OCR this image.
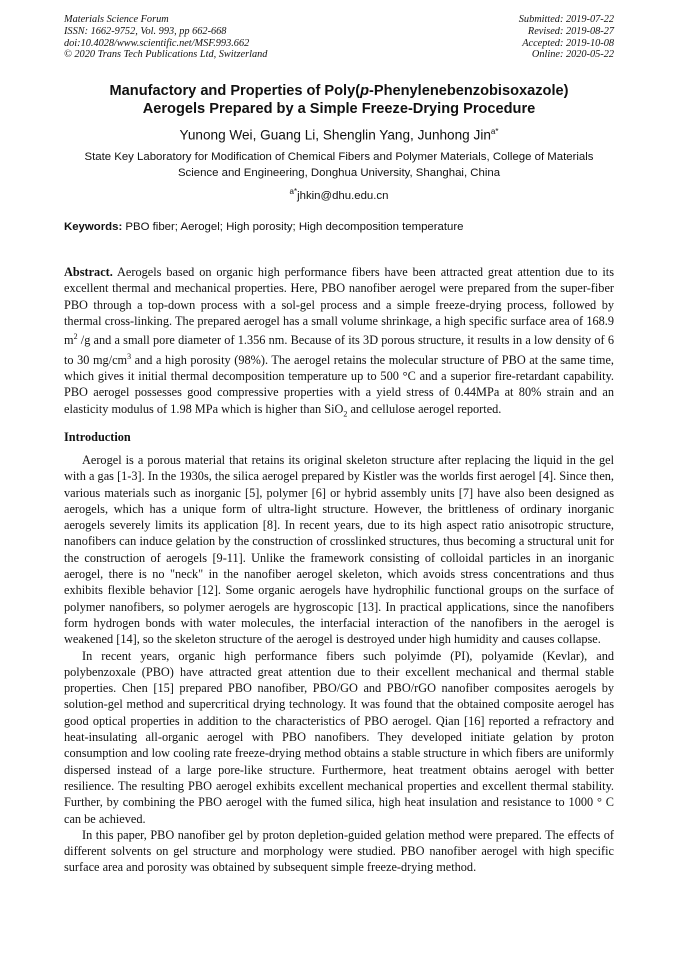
Materials Science Forum
ISSN: 1662-9752, Vol. 993, pp 662-668
doi:10.4028/www.scientific.net/MSF.993.662
© 2020 Trans Tech Publications Ltd, Switzerland
Submitted: 2019-07-22
Revised: 2019-08-27
Accepted: 2019-10-08
Online: 2020-05-22
Manufactory and Properties of Poly(p-Phenylenebenzobisoxazole)
Aerogels Prepared by a Simple Freeze-Drying Procedure
Yunong Wei, Guang Li, Shenglin Yang, Junhong Jin$^{a*}$
State Key Laboratory for Modification of Chemical Fibers and Polymer Materials, College of Materials Science and Engineering, Donghua University, Shanghai, China
$^{a*}$jhkin@dhu.edu.cn
Keywords: PBO fiber; Aerogel; High porosity; High decomposition temperature

Abstract. Aerogels based on organic high performance fibers have been attracted great attention due to its excellent thermal and mechanical properties. Here, PBO nanofiber aerogel were prepared from the super-fiber PBO through a top-down process with a sol-gel process and a simple freeze-drying process, followed by thermal cross-linking. The prepared aerogel has a small volume shrinkage, a high specific surface area of 168.9 $m^2$ /g and a small pore diameter of 1.356 nm. Because of its 3D porous structure, it results in a low density of 6 to 30 $mg/cm^3$ and a high porosity (98%). The aerogel retains the molecular structure of PBO at the same time, which gives it initial thermal decomposition temperature up to 500 °C and a superior fire-retardant capability. PBO aerogel possesses good compressive properties with a yield stress of 0.44MPa at 80% strain and an elasticity modulus of 1.98 MPa which is higher than SiO$_2$ and cellulose aerogel reported.

Introduction

Aerogel is a porous material that retains its original skeleton structure after replacing the liquid in the gel with a gas [1-3]. In the 1930s, the silica aerogel prepared by Kistler was the worlds first aerogel [4]. Since then, various materials such as inorganic [5], polymer [6] or hybrid assembly units [7] have also been designed as aerogels, which has a unique form of ultra-light structure. However, the brittleness of ordinary inorganic aerogels severely limits its application [8]. In recent years, due to its high aspect ratio anisotropic structure, nanofibers can induce gelation by the construction of crosslinked structures, thus becoming a structural unit for the construction of aerogels [9-11]. Unlike the framework consisting of colloidal particles in an inorganic aerogel, there is no "neck" in the nanofiber aerogel skeleton, which avoids stress concentrations and thus exhibits flexible behavior [12]. Some organic aerogels have hydrophilic functional groups on the surface of polymer nanofibers, so polymer aerogels are hygroscopic [13]. In practical applications, since the nanofibers form hydrogen bonds with water molecules, the interfacial interaction of the nanofibers in the aerogel is weakened [14], so the skeleton structure of the aerogel is destroyed under high humidity and causes collapse.

In recent years, organic high performance fibers such polyimde (PI), polyamide (Kevlar), and polybenzoxale (PBO) have attracted great attention due to their excellent mechanical and thermal stable properties. Chen [15] prepared PBO nanofiber, PBO/GO and PBO/rGO nanofiber composites aerogels by solution-gel method and supercritical drying technology. It was found that the obtained composite aerogel has good optical properties in addition to the characteristics of PBO aerogel. Qian [16] reported a refractory and heat-insulating all-organic aerogel with PBO nanofibers. They developed initiate gelation by proton consumption and low cooling rate freeze-drying method obtains a stable structure in which fibers are uniformly dispersed instead of a large pore-like structure. Furthermore, heat treatment obtains aerogel with better resilience. The resulting PBO aerogel exhibits excellent mechanical properties and excellent thermal stability. Further, by combining the PBO aerogel with the fumed silica, high heat insulation and resistance to 1000 ° C can be achieved.

In this paper, PBO nanofiber gel by proton depletion-guided gelation method were prepared. The effects of different solvents on gel structure and morphology were studied. PBO nanofiber aerogel with high specific surface area and porosity was obtained by subsequent simple freeze-drying method.
